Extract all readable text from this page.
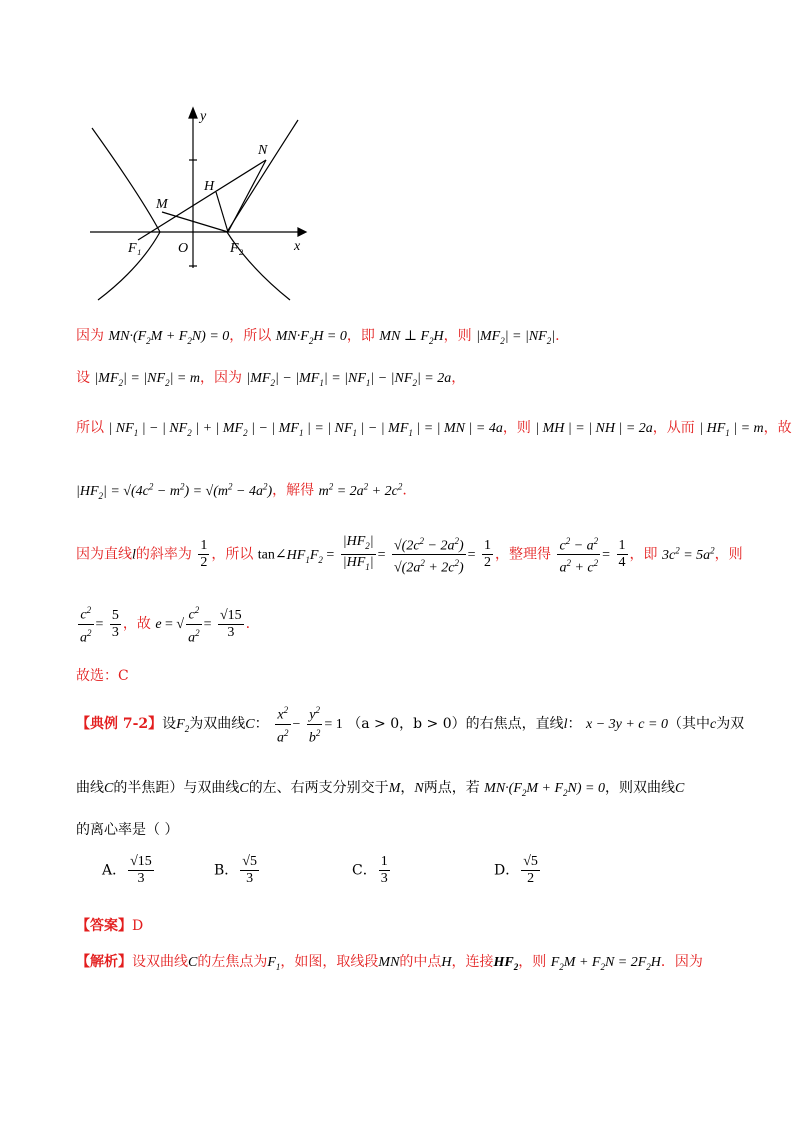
y
N
H
M
F₁	O	F₂	x
因为 $MN\cdot(F_2M + F_2N) = 0$，所以 $MN\cdot F_2H = 0$，即 MN ⊥ $F_2H$，则 $|MF_2| = |NF_2|$.
设 $|MF_2| = |NF_2| = m$，因为 $|MF_2| - |MF_1| = |NF_1| - |NF_2| = 2a$，
所以 | $NF_1$ | − | $NF_2$ | + | $MF_2$ | − | $MF_1$ | = | $NF_1$ | − | $MF_1$ | = | MN | = 4a，则 | MH | = | NH | = 2a，从而 | $HF_1$ | = m，故
$|HF_2| = √(4c^2 - m^2) = √(m^2 - 4a^2)$，解得 $m^2 = 2a^2 + 2c^2$.
因为直线l的斜率为 $\frac{1}{2}$ ，所以 $\tan\angle HF_1F_2 = \frac{|HF_2|}{|HF_1|} = \frac{√(2c^2 - 2a^2)}{√(2a^2 + 2c^2)} = \frac{1}{2}$ ，整理得 $\frac{c^2 - a^2}{a^2 + c^2} = \frac{1}{4}$ ，即 $3c^2 = 5a^2$，则
$\frac{c^2}{a^2} = \frac{5}{3}$ ，故 e = √ $\frac{c^2}{a^2} = \frac{√15}{3}$ .
故选：C
【典例 7-2】设$F_2$为双曲线C： $\frac{x^2}{a^2} - \frac{y^2}{b^2} = 1$ （a > 0，b > 0）的右焦点，直线l： x − 3y + c = 0（其中c为双
曲线C的半焦距）与双曲线C的左、右两支分别交于M，N两点，若 $MN\cdot(F_2M + F_2N) = 0$，则双曲线C
的离心率是（ ）
A． $\frac{√15}{3}$	B． $\frac{√5}{3}$	C． $\frac{1}{3}$	D． $\frac{√5}{2}$
【答案】D
【解析】设双曲线C的左焦点为$F_1$，如图，取线段MN的中点H，连接$HF_2$，则 $F_2M + F_2N = 2F_2H$．因为
